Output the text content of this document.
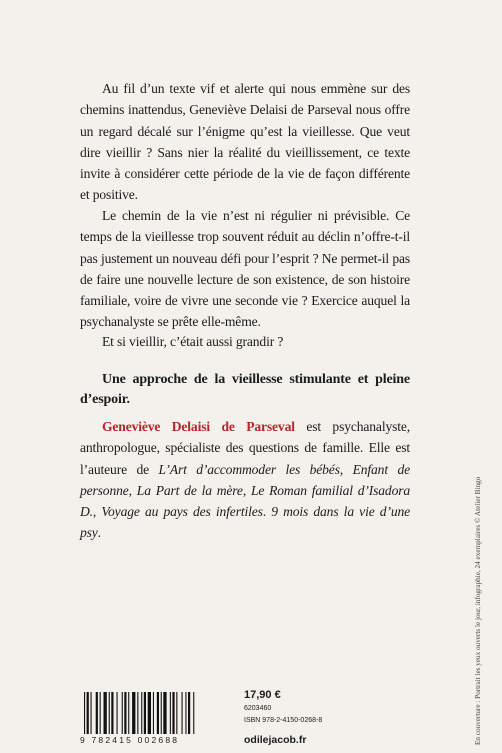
Au fil d’un texte vif et alerte qui nous emmène sur des chemins inattendus, Geneviève Delaisi de Parseval nous offre un regard décalé sur l’énigme qu’est la vieillesse. Que veut dire vieillir ? Sans nier la réalité du vieillissement, ce texte invite à considérer cette période de la vie de façon différente et positive.

Le chemin de la vie n’est ni régulier ni prévisible. Ce temps de la vieillesse trop souvent réduit au déclin n’offre-t-il pas justement un nouveau défi pour l’esprit ? Ne permet-il pas de faire une nouvelle lecture de son existence, de son histoire familiale, voire de vivre une seconde vie ? Exercice auquel la psychanalyste se prête elle-même.

Et si vieillir, c’était aussi grandir ?

Une approche de la vieillesse stimulante et pleine d’espoir.

Geneviève Delaisi de Parseval est psychanalyste, anthropologue, spécialiste des questions de famille. Elle est l’auteure de L’Art d’accommoder les bébés, Enfant de personne, La Part de la mère, Le Roman familial d’Isadora D., Voyage au pays des infertiles. 9 mois dans la vie d’une psy.	En couverture : Portrait les yeux ouverts le jour, infographie, 24 exemplaires © Atelier Bingo
9 782415 002688
17,90 €
6203460
ISBN 978-2-4150-0268-8
odilejacob.fr
